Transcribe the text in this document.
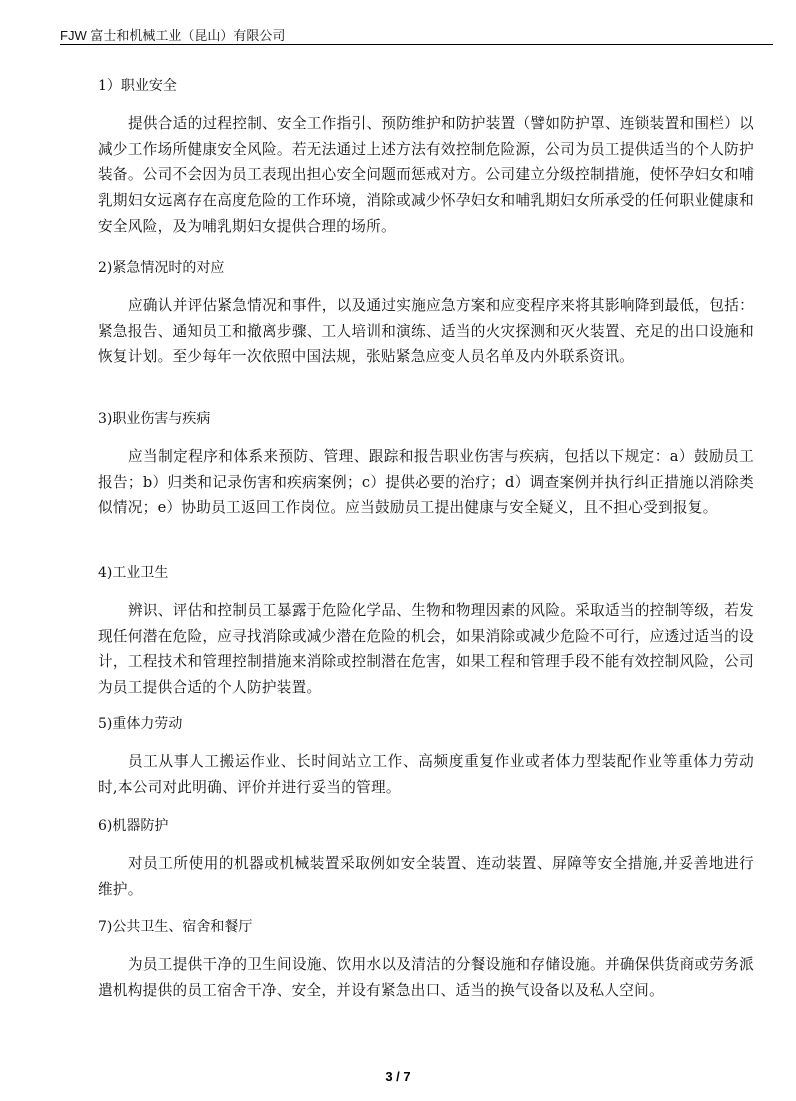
FJW 富士和机械工业（昆山）有限公司
1）职业安全
提供合适的过程控制、安全工作指引、预防维护和防护装置（譬如防护罩、连锁装置和围栏）以减少工作场所健康安全风险。若无法通过上述方法有效控制危险源，公司为员工提供适当的个人防护装备。公司不会因为员工表现出担心安全问题而惩戒对方。公司建立分级控制措施，使怀孕妇女和哺乳期妇女远离存在高度危险的工作环境，消除或减少怀孕妇女和哺乳期妇女所承受的任何职业健康和安全风险，及为哺乳期妇女提供合理的场所。
2)紧急情况时的对应
应确认并评估紧急情况和事件，以及通过实施应急方案和应变程序来将其影响降到最低，包括：紧急报告、通知员工和撤离步骤、工人培训和演练、适当的火灾探测和灭火装置、充足的出口设施和恢复计划。至少每年一次依照中国法规，张贴紧急应变人员名单及内外联系资讯。
3)职业伤害与疾病
应当制定程序和体系来预防、管理、跟踪和报告职业伤害与疾病，包括以下规定：a）鼓励员工报告；b）归类和记录伤害和疾病案例；c）提供必要的治疗；d）调查案例并执行纠正措施以消除类似情况；e）协助员工返回工作岗位。应当鼓励员工提出健康与安全疑义，且不担心受到报复。
4)工业卫生
辨识、评估和控制员工暴露于危险化学品、生物和物理因素的风险。采取适当的控制等级，若发现任何潜在危险，应寻找消除或减少潜在危险的机会，如果消除或减少危险不可行，应透过适当的设计，工程技术和管理控制措施来消除或控制潜在危害，如果工程和管理手段不能有效控制风险，公司为员工提供合适的个人防护装置。
5)重体力劳动
员工从事人工搬运作业、长时间站立工作、高频度重复作业或者体力型装配作业等重体力劳动时,本公司对此明确、评价并进行妥当的管理。
6)机器防护
对员工所使用的机器或机械装置采取例如安全装置、连动装置、屏障等安全措施,并妥善地进行维护。
7)公共卫生、宿舍和餐厅
为员工提供干净的卫生间设施、饮用水以及清洁的分餐设施和存储设施。并确保供货商或劳务派遣机构提供的员工宿舍干净、安全，并设有紧急出口、适当的换气设备以及私人空间。
3 / 7
